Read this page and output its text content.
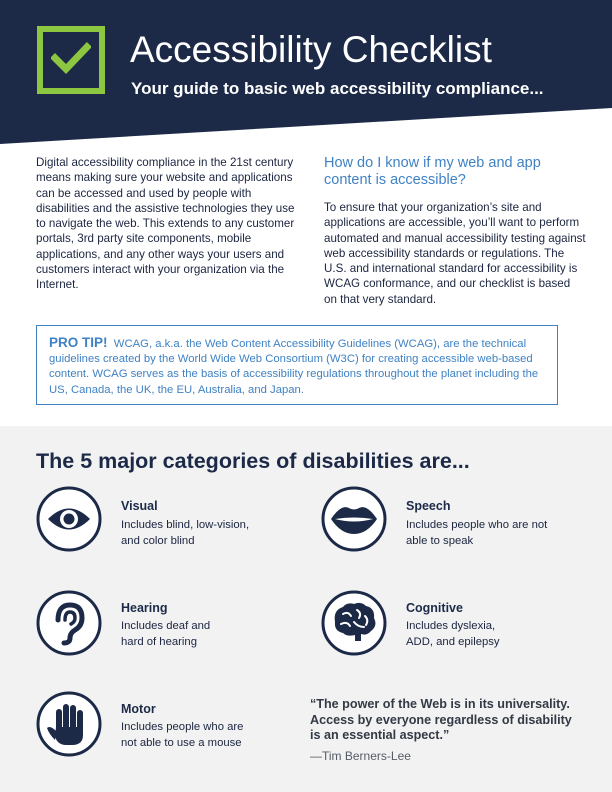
Accessibility Checklist
Your guide to basic web accessibility compliance...
Digital accessibility compliance in the 21st century means making sure your website and applications can be accessed and used by people with disabilities and the assistive technologies they use to navigate the web. This extends to any customer portals, 3rd party site components, mobile applications, and any other ways your users and customers interact with your organization via the Internet.
How do I know if my web and app content is accessible?
To ensure that your organization’s site and applications are accessible, you’ll want to perform automated and manual accessibility testing against web accessibility standards or regulations. The U.S. and international standard for accessibility is WCAG conformance, and our checklist is based on that very standard.
PRO TIP! WCAG, a.k.a. the Web Content Accessibility Guidelines (WCAG), are the technical guidelines created by the World Wide Web Consortium (W3C) for creating accessible web-based content. WCAG serves as the basis of accessibility regulations throughout the planet including the US, Canada, the UK, the EU, Australia, and Japan.
The 5 major categories of disabilities are...
Visual
Includes blind, low-vision, and color blind
Speech
Includes people who are not able to speak
Hearing
Includes deaf and hard of hearing
Cognitive
Includes dyslexia, ADD, and epilepsy
Motor
Includes people who are not able to use a mouse
“The power of the Web is in its universality. Access by everyone regardless of disability is an essential aspect.”
—Tim Berners-Lee
